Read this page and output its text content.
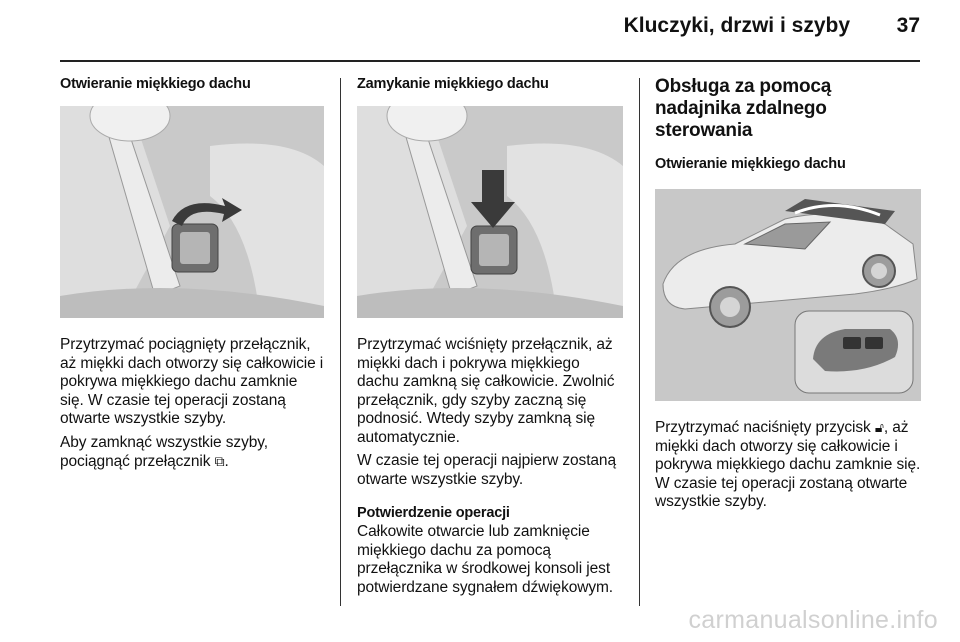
Kluczyki, drzwi i szyby 37
Otwieranie miękkiego dachu

Przytrzymać pociągnięty przełącznik, aż miękki dach otworzy się całkowicie i pokrywa miękkiego dachu zamknie się. W czasie tej operacji zostaną otwarte wszystkie szyby.

Aby zamknąć wszystkie szyby, pociągnąć przełącznik ⧉.

Zamykanie miękkiego dachu

Przytrzymać wciśnięty przełącznik, aż miękki dach i pokrywa miękkiego dachu zamkną się całkowicie. Zwolnić przełącznik, gdy szyby zaczną się podnosić. Wtedy szyby zamkną się automatycznie.

W czasie tej operacji najpierw zostaną otwarte wszystkie szyby.

Potwierdzenie operacji

Całkowite otwarcie lub zamknięcie miękkiego dachu za pomocą przełącznika w środkowej konsoli jest potwierdzane sygnałem dźwiękowym.

Obsługa za pomocą nadajnika zdalnego sterowania
Otwieranie miękkiego dachu

Przytrzymać naciśnięty przycisk 🔓︎, aż miękki dach otworzy się całkowicie i pokrywa miękkiego dachu zamknie się. W czasie tej operacji zostaną otwarte wszystkie szyby.

carmanualsonline.info
